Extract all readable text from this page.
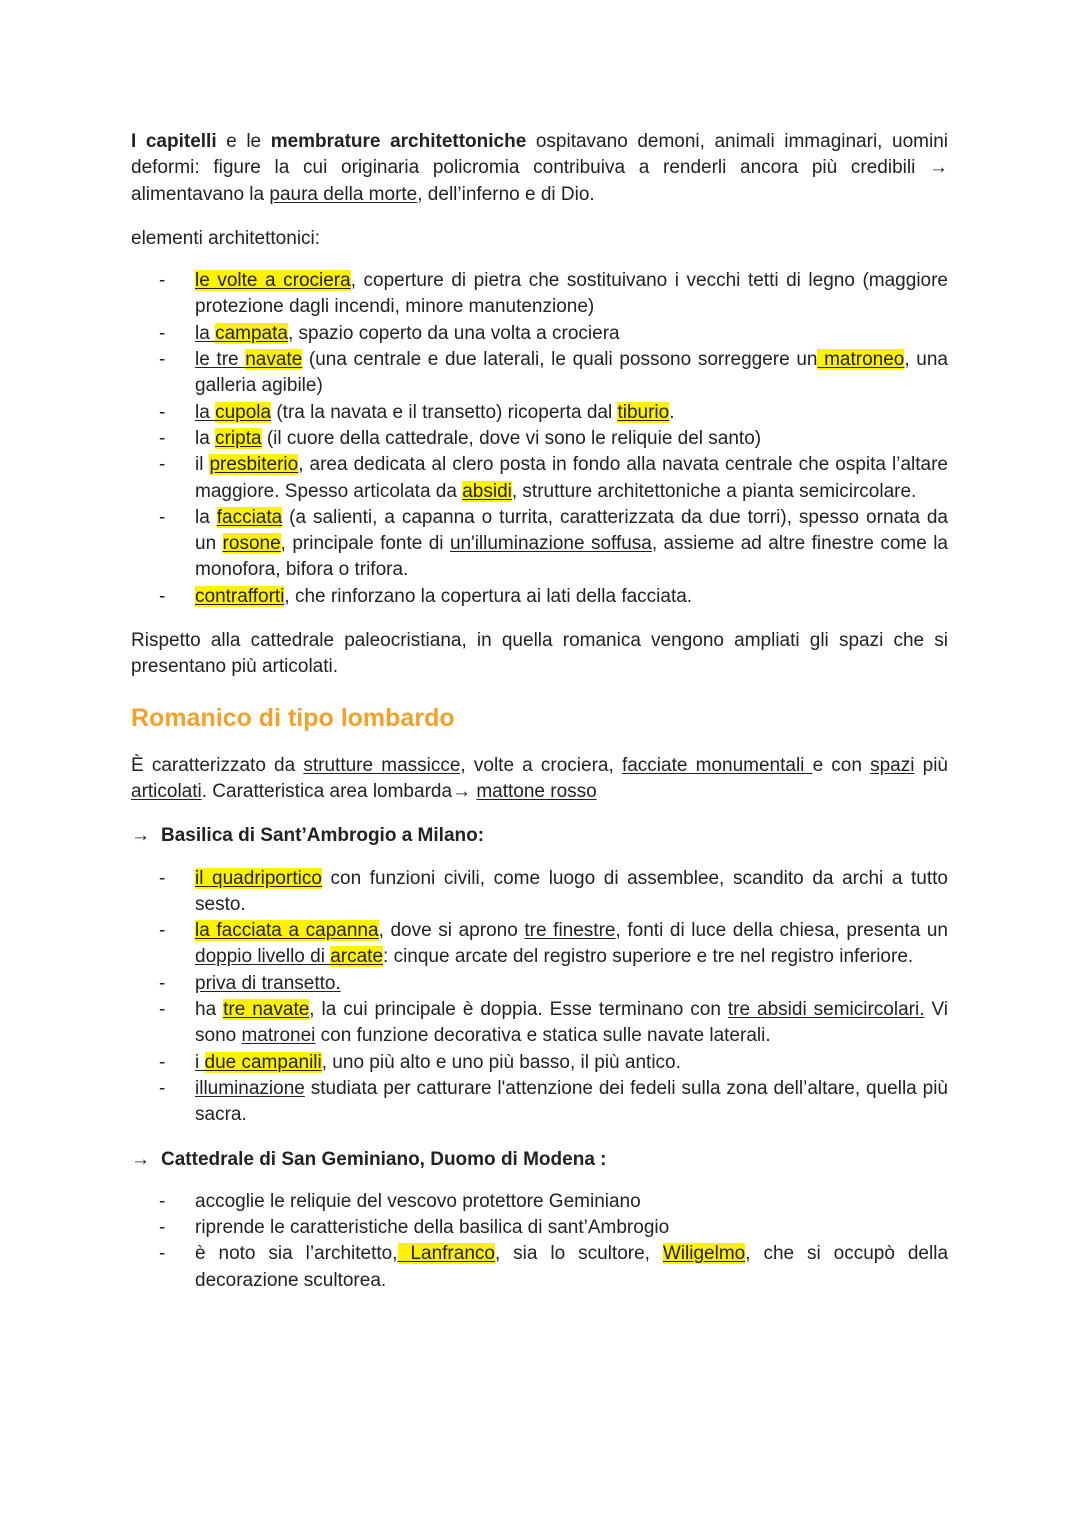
I capitelli e le membrature architettoniche ospitavano demoni, animali immaginari, uomini deformi: figure la cui originaria policromia contribuiva a renderli ancora più credibili → alimentavano la paura della morte, dell’inferno e di Dio.

elementi architettonici:

- le volte a crociera, coperture di pietra che sostituivano i vecchi tetti di legno (maggiore protezione dagli incendi, minore manutenzione)
- la campata, spazio coperto da una volta a crociera
- le tre navate (una centrale e due laterali, le quali possono sorreggere un matroneo, una galleria agibile)
- la cupola (tra la navata e il transetto) ricoperta dal tiburio.
- la cripta (il cuore della cattedrale, dove vi sono le reliquie del santo)
- il presbiterio, area dedicata al clero posta in fondo alla navata centrale che ospita l’altare maggiore. Spesso articolata da absidi, strutture architettoniche a pianta semicircolare.
- la facciata (a salienti, a capanna o turrita, caratterizzata da due torri), spesso ornata da un rosone, principale fonte di un'illuminazione soffusa, assieme ad altre finestre come la monofora, bifora o trifora.
- contrafforti, che rinforzano la copertura ai lati della facciata.

Rispetto alla cattedrale paleocristiana, in quella romanica vengono ampliati gli spazi che si presentano più articolati.

Romanico di tipo lombardo

È caratterizzato da strutture massicce, volte a crociera, facciate monumentali e con spazi più articolati. Caratteristica area lombarda→ mattone rosso

→ Basilica di Sant’Ambrogio a Milano:

- il quadriportico con funzioni civili, come luogo di assemblee, scandito da archi a tutto sesto.
- la facciata a capanna, dove si aprono tre finestre, fonti di luce della chiesa, presenta un doppio livello di arcate: cinque arcate del registro superiore e tre nel registro inferiore.
- priva di transetto.
- ha tre navate, la cui principale è doppia. Esse terminano con tre absidi semicircolari. Vi sono matronei con funzione decorativa e statica sulle navate laterali.
- i due campanili, uno più alto e uno più basso, il più antico.
- illuminazione studiata per catturare l'attenzione dei fedeli sulla zona dell’altare, quella più sacra.

→ Cattedrale di San Geminiano, Duomo di Modena :

- accoglie le reliquie del vescovo protettore Geminiano
- riprende le caratteristiche della basilica di sant’Ambrogio
- è noto sia l’architetto, Lanfranco, sia lo scultore, Wiligelmo, che si occupò della decorazione scultorea.
